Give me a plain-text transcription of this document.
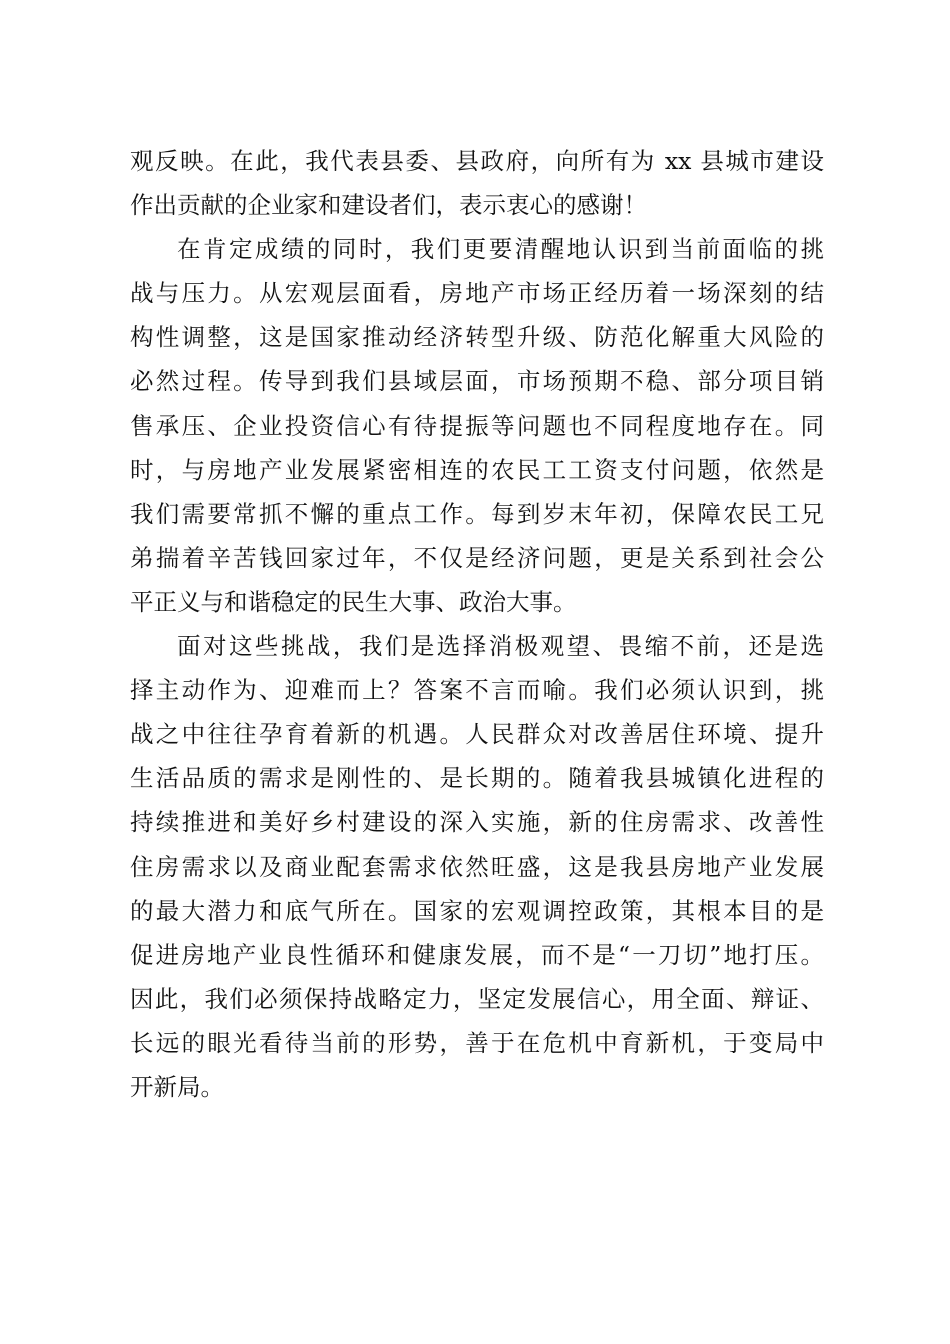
观反映。在此，我代表县委、县政府，向所有为 xx 县城市建设
作出贡献的企业家和建设者们，表示衷心的感谢！
在肯定成绩的同时，我们更要清醒地认识到当前面临的挑
战与压力。从宏观层面看，房地产市场正经历着一场深刻的结
构性调整，这是国家推动经济转型升级、防范化解重大风险的
必然过程。传导到我们县域层面，市场预期不稳、部分项目销
售承压、企业投资信心有待提振等问题也不同程度地存在。同
时，与房地产业发展紧密相连的农民工工资支付问题，依然是
我们需要常抓不懈的重点工作。每到岁末年初，保障农民工兄
弟揣着辛苦钱回家过年，不仅是经济问题，更是关系到社会公
平正义与和谐稳定的民生大事、政治大事。
面对这些挑战，我们是选择消极观望、畏缩不前，还是选
择主动作为、迎难而上？答案不言而喻。我们必须认识到，挑
战之中往往孕育着新的机遇。人民群众对改善居住环境、提升
生活品质的需求是刚性的、是长期的。随着我县城镇化进程的
持续推进和美好乡村建设的深入实施，新的住房需求、改善性
住房需求以及商业配套需求依然旺盛，这是我县房地产业发展
的最大潜力和底气所在。国家的宏观调控政策，其根本目的是
促进房地产业良性循环和健康发展，而不是“一刀切”地打压。
因此，我们必须保持战略定力，坚定发展信心，用全面、辩证、
长远的眼光看待当前的形势，善于在危机中育新机，于变局中
开新局。
